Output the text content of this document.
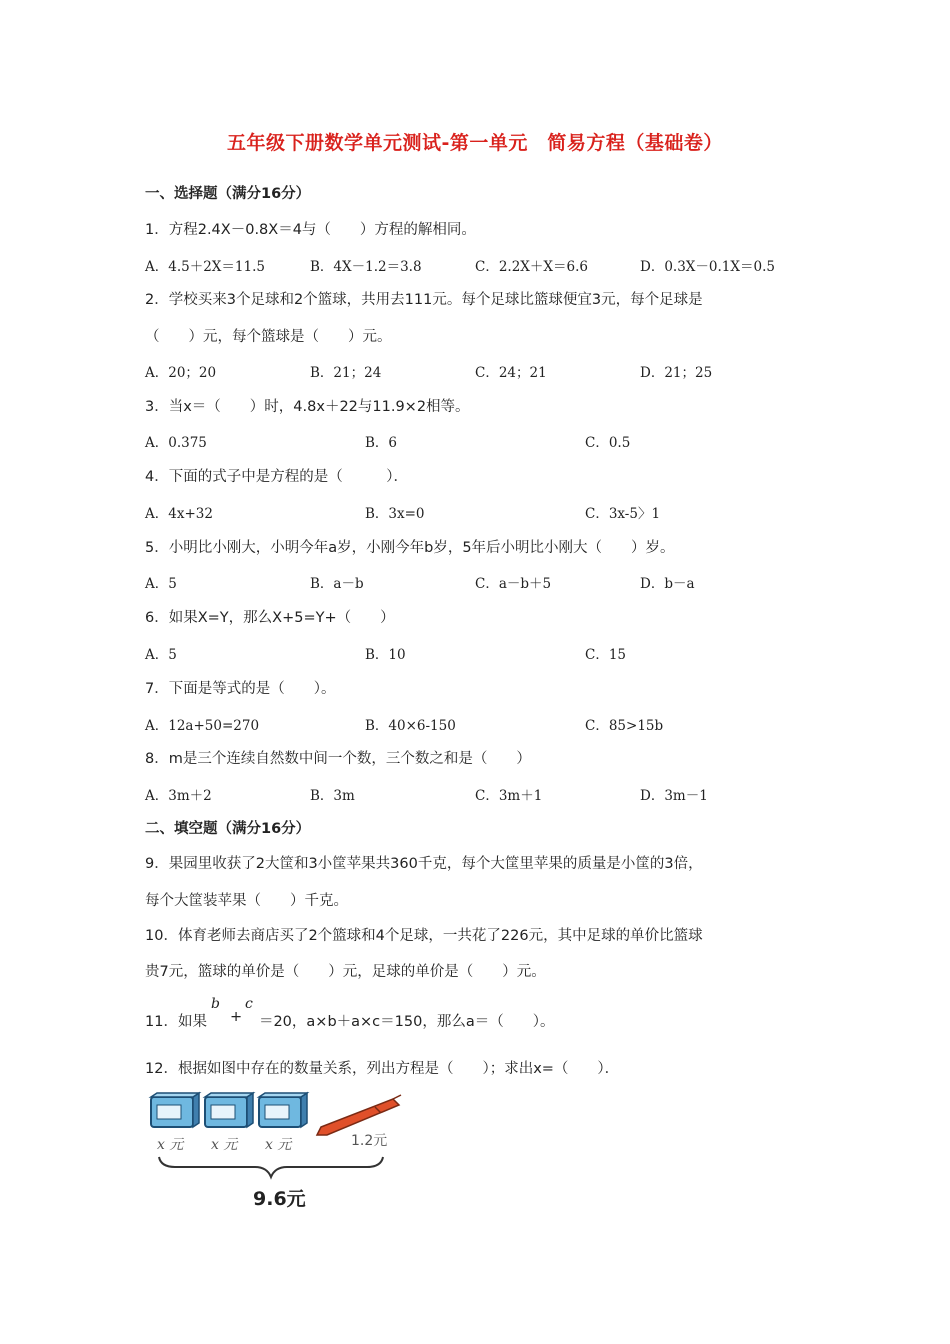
五年级下册数学单元测试-第一单元　简易方程（基础卷）
一、选择题（满分16分）
1．方程2.4X－0.8X＝4与（　　）方程的解相同。
A．4.5＋2X＝11.5	B．4X－1.2＝3.8	C．2.2X＋X＝6.6	D．0.3X－0.1X＝0.5
2．学校买来3个足球和2个篮球，共用去111元。每个足球比篮球便宜3元，每个足球是
（　　）元，每个篮球是（　　）元。
A．20；20	B．21；24	C．24；21	D．21；25
3．当x＝（　　）时，4.8x＋22与11.9×2相等。
A．0.375	B．6	C．0.5
4．下面的式子中是方程的是（　　　）．
A．4x+32	B．3x=0	C．3x-5〉1
5．小明比小刚大，小明今年a岁，小刚今年b岁，5年后小明比小刚大（　　）岁。
A．5	B．a－b	C．a－b＋5	D．b－a
6．如果X=Y，那么X+5=Y+（　　）
A．5	B．10	C．15
7．下面是等式的是（　　）。
A．12a+50=270	B．40×6-150	C．85>15b
8．m是三个连续自然数中间一个数，三个数之和是（　　）
A．3m＋2	B．3m	C．3m＋1	D．3m－1
二、填空题（满分16分）
9．果园里收获了2大筐和3小筐苹果共360千克，每个大筐里苹果的质量是小筐的3倍，
每个大筐装苹果（　　）千克。
10．体育老师去商店买了2个篮球和4个足球，一共花了226元，其中足球的单价比篮球
贵7元，篮球的单价是（　　）元，足球的单价是（　　）元。
11．如果	＝20，a×b＋a×c＝150，那么a＝（　　）。
b
+
c
12．根据如图中存在的数量关系，列出方程是（　　）；求出x=（　　）．
x 元 x 元 x 元	1.2元
9.6元
